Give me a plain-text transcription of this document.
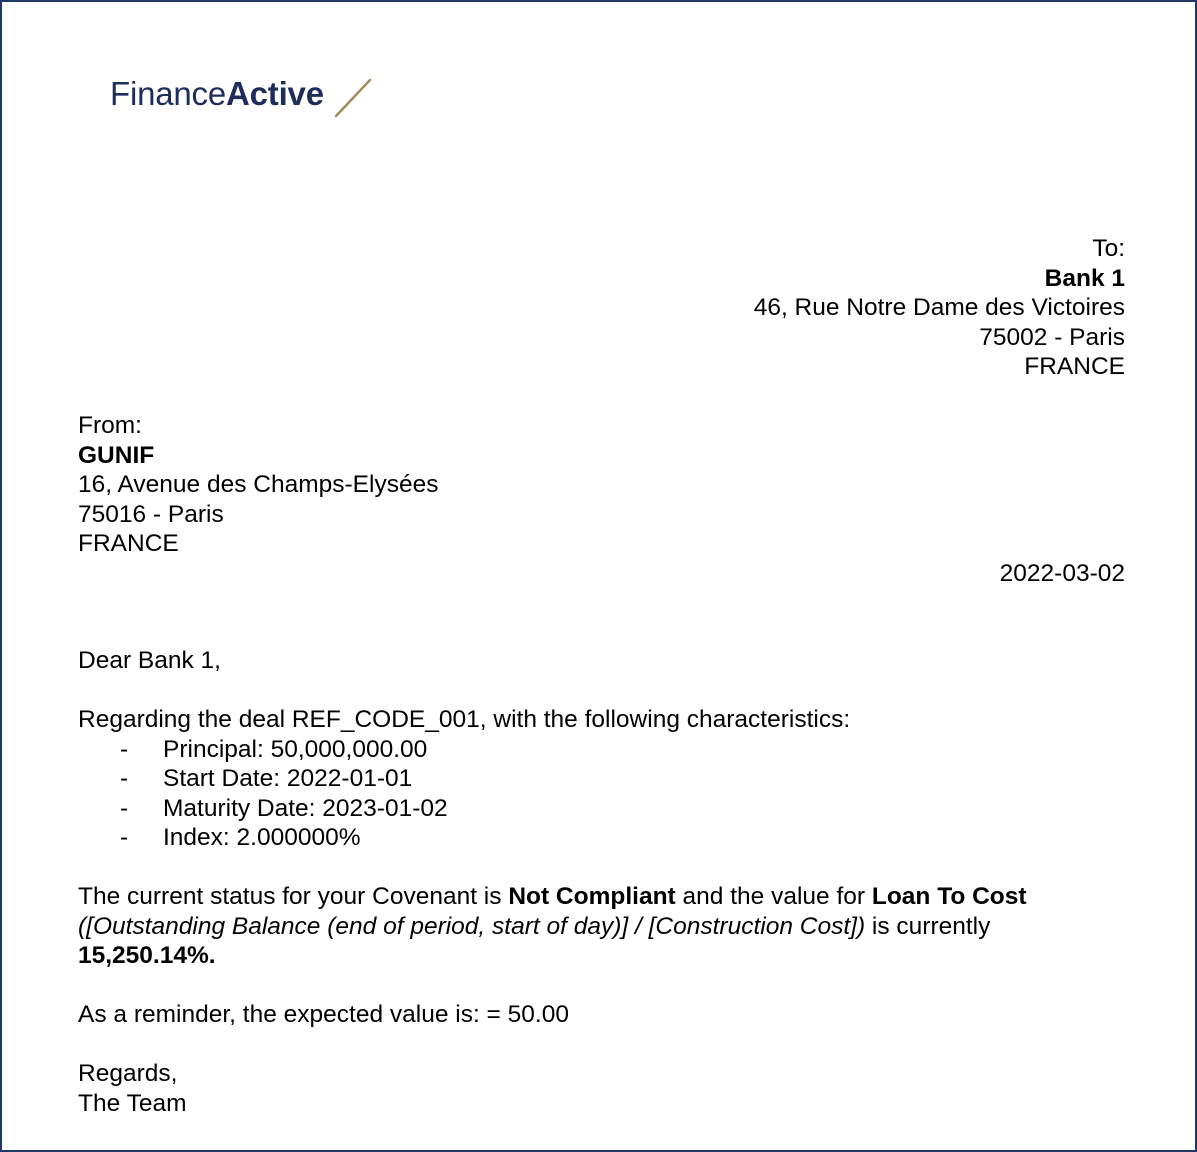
Finance Active
To:
Bank 1
46, Rue Notre Dame des Victoires
75002 - Paris
FRANCE
From:
GUNIF
16, Avenue des Champs-Elysées
75016 - Paris
FRANCE
2022-03-02
Dear Bank 1,
Regarding the deal REF_CODE_001, with the following characteristics:
- Principal: 50,000,000.00
- Start Date: 2022-01-01
- Maturity Date: 2023-01-02
- Index: 2.000000%
The current status for your Covenant is Not Compliant and the value for Loan To Cost
([Outstanding Balance (end of period, start of day)] / [Construction Cost]) is currently
15,250.14%.
As a reminder, the expected value is: = 50.00
Regards,
The Team
